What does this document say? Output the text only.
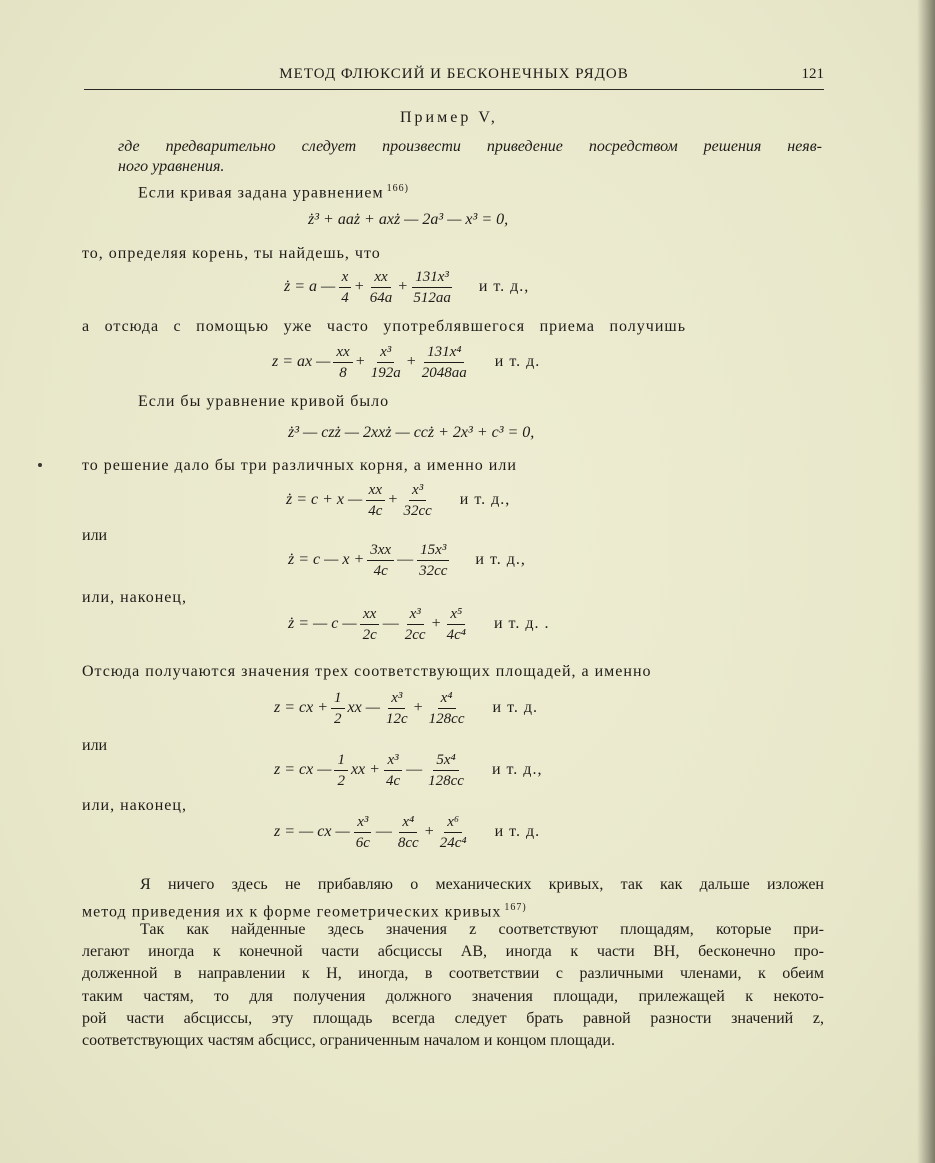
МЕТОД ФЛЮКСИЙ И БЕСКОНЕЧНЫХ РЯДОВ	121
Пример V,
где предварительно следует произвести приведение посредством решения неяв-
ного уравнения.
Если кривая задана уравнением $^{166)}$
ż³ + aaż + axż — 2a³ — x³ = 0,
то, определяя корень, ты найдешь, что
ż = a — $\frac{x}{4} + \frac{xx}{64a} + \frac{\text{131x³}}{512aa}$ и т. д.,
а отсюда с помощью уже часто употреблявшегося приема получишь
z = ax — $\frac{xx}{8} + \frac{\text{x³}}{192a} + \frac{\text{131x⁴}}{2048aa}$ и т. д.
Если бы уравнение кривой было
ż³ — czż — 2xxż — ccż + 2x³ + c³ = 0,
то решение дало бы три различных корня, а именно или
ż = c + x — $\frac{xx}{4c} + \frac{\text{x³}}{32cc}$ и т. д.,
или
ż = c — $x + \frac{3xx}{4c}$ — $\frac{\text{15x³}}{32cc}$ и т. д.,
или, наконец,
ż = — c — $\frac{xx}{2c}$ — $\frac{\text{x³}}{2cc} + \frac{\text{x⁵}}{\text{4c⁴}}$ и т. д. .
Отсюда получаются значения трех соответствующих площадей, а именно
z = cx + $\frac{1}{2}$ xx — $\frac{\text{x³}}{12c} + \frac{\text{x⁴}}{128cc}$ и т. д.
или
z = cx — $\frac{1}{2}$ xx + $\frac{\text{x³}}{4c}$ — $\frac{\text{5x⁴}}{128cc}$ и т. д.,
или, наконец,
z = — cx — $\frac{\text{x³}}{6c}$ — $\frac{\text{x⁴}}{8cc} + \frac{\text{x⁶}}{\text{24c⁴}}$ и т. д.
Я ничего здесь не прибавляю о механических кривых, так как дальше изложен
метод приведения их к форме геометрических кривых $^{167)}$
Так как найденные здесь значения z соответствуют площадям, которые при-
легают иногда к конечной части абсциссы AB, иногда к части BH, бесконечно про-
долженной в направлении к H, иногда, в соответствии с различными членами, к обеим
таким частям, то для получения должного значения площади, прилежащей к некото-
рой части абсциссы, эту площадь всегда следует брать равной разности значений z,
соответствующих частям абсцисс, ограниченным началом и концом площади.
